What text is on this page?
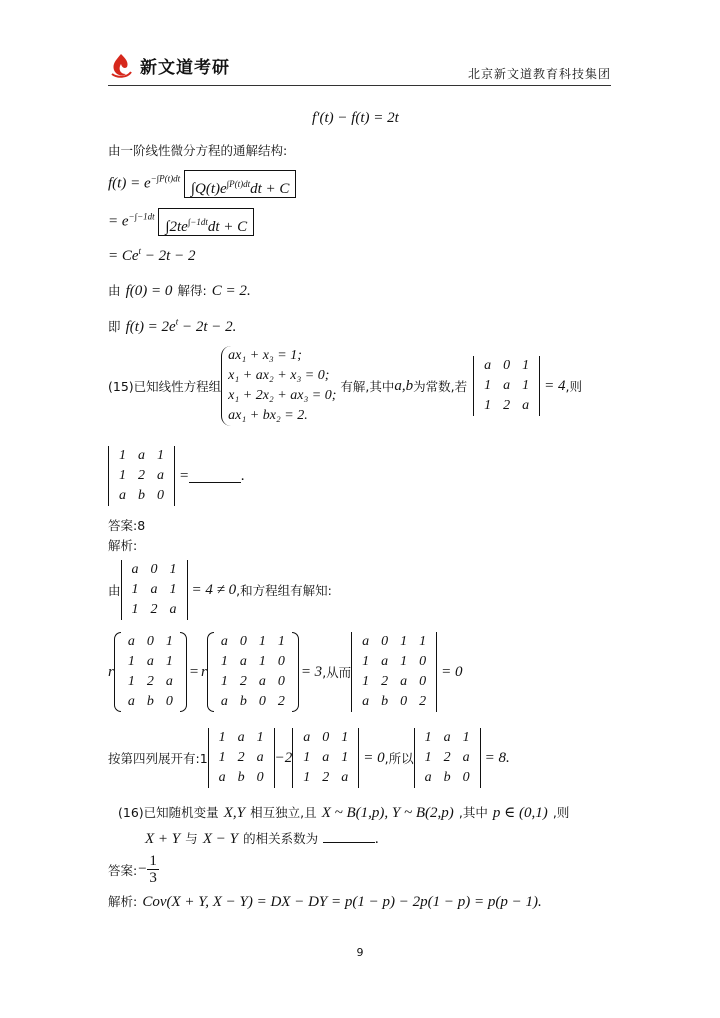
新文道考研	北京新文道教育科技集团
f′(t) − f(t) = 2t
由一阶线性微分方程的通解结构:
$f(t) = e^{-\int P(t)dt}$ $\int Q(t)e^{\int P(t)dt}dt + C$
= $e^{-\int-1dt}$ $\int 2te^{\int-1dt}dt + C$
= $Ce^t - 2t - 2$
由 f(0) = 0 解得: C = 2.
即 $f(t) = 2e^t - 2t - 2$.
(15)已知线性方程组
ax₁ + x₃ = 1;
x₁ + ax₂ + x₃ = 0;
x₁ + 2x₂ + ax₃ = 0;
ax₁ + bx₂ = 2.
有解,其中 a,b 为常数,若
a	0	1
1	a	1
1	2	a
= 4 ,则
1	a	1
1	2	a
a	b	0
=	.
答案:8
解析:
由
a	0	1
1	a	1
1	2	a
= 4 ≠ 0 ,和方程组有解知:
r
a	0	1
1	a	1
1	2	a
a	b	0
= r
a	0	1	1
1	a	1	0
1	2	a	0
a	b	0	2
= 3 ,从而
a	0	1	1
1	a	1	0
1	2	a	0
a	b	0	2
= 0
按第四列展开有:1
1	a	1
1	2	a
a	b	0
−2
a	0	1
1	a	1
1	2	a
= 0 ,所以
1	a	1
1	2	a
a	b	0
= 8.
(16)已知随机变量 X,Y 相互独立,且 X ~ B(1,p), Y ~ B(2,p) ,其中 p ∈ (0,1) ,则
X + Y 与 X − Y 的相关系数为	.
答案: − $\frac{1}{3}$
解析: Cov(X + Y, X − Y) = DX − DY = p(1 − p) − 2p(1 − p) = p(p − 1).
9
